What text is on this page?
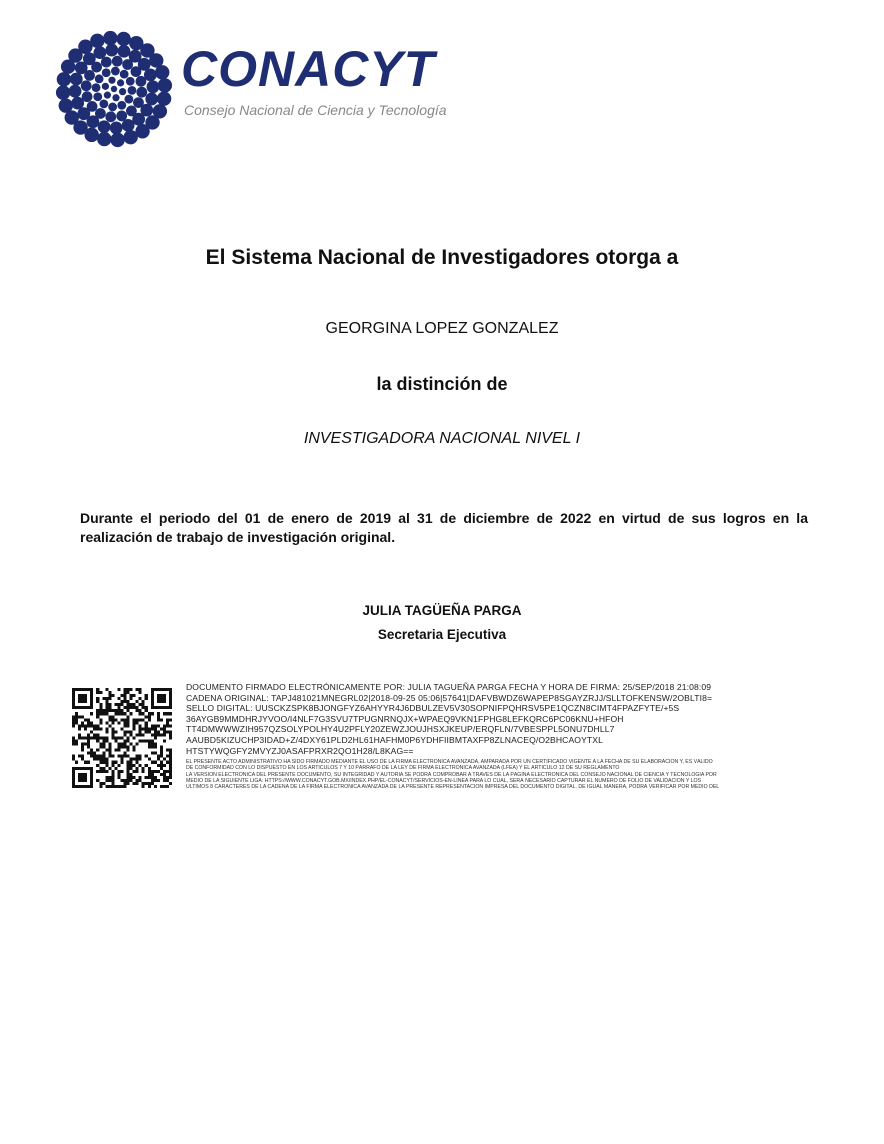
CONACYT
Consejo Nacional de Ciencia y Tecnología
El Sistema Nacional de Investigadores otorga a
GEORGINA LOPEZ GONZALEZ
la distinción de
INVESTIGADORA NACIONAL NIVEL I
Durante el periodo del 01 de enero de 2019 al 31 de diciembre de 2022 en virtud de sus logros en la realización de trabajo de investigación original.
JULIA TAGÜEÑA PARGA
Secretaria Ejecutiva
DOCUMENTO FIRMADO ELECTRÓNICAMENTE POR: JULIA TAGUEÑA PARGA FECHA Y HORA DE FIRMA: 25/SEP/2018 21:08:09
CADENA ORIGINAL: TAPJ481021MNEGRL02|2018-09-25 05:06|57641|DAFVBWDZ6WAPEP8SGAYZRJJ/SLLTOFKENSW/2OBLTI8=
SELLO DIGITAL: UUSCKZSPK8BJONGFYZ6AHYYR4J6DBULZEV5V30SOPNIFPQHRSV5PE1QCZN8CIMT4FPAZFYTE/+5S
36AYGB9MMDHRJYVOO/I4NLF7G3SVU7TPUGNRNQJX+WPAEQ9VKN1FPHG8LEFKQRC6PC06KNU+HFOH
TT4DMWWWZIH957QZSOLYPOLHY4U2PFLY20ZEWZJOUJHSXJKEUP/ERQFLN/7VBESPPL5ONU7DHLL7
AAUBD5KIZUCHP3IDAD+Z/4DXY61PLD2HL61HAFHM0P6YDHFIIBMTAXFP8ZLNACEQ/O2BHCAOYTXL
HTSTYWQGFY2MVYZJ0ASAFPRXR2QO1H28/L8KAG==
EL PRESENTE ACTO ADMINISTRATIVO HA SIDO FIRMADO MEDIANTE EL USO DE LA FIRMA ELECTRÓNICA AVANZADA, AMPARADA POR UN CERTIFICADO VIGENTE A LA FECHA DE SU ELABORACIÓN Y, ES VÁLIDO
DE CONFORMIDAD CON LO DISPUESTO EN LOS ARTÍCULOS 7 Y 10 PÁRRAFO DE LA LEY DE FIRMA ELECTRÓNICA AVANZADA (LFEA) Y EL ARTÍCULO 12 DE SU REGLAMENTO
LA VERSIÓN ELECTRÓNICA DEL PRESENTE DOCUMENTO, SU INTEGRIDAD Y AUTORÍA SE PODRÁ COMPROBAR A TRAVÉS DE LA PÁGINA ELECTRÓNICA DEL CONSEJO NACIONAL DE CIENCIA Y TECNOLOGÍA POR
MEDIO DE LA SIGUIENTE LIGA: HTTPS://WWW.CONACYT.GOB.MX/INDEX.PHP/EL-CONACYT/SERVICIOS-EN-LINEA PARA LO CUAL, SERÁ NECESARIO CAPTURAR EL NÚMERO DE FOLIO DE VALIDACIÓN Y LOS
ÚLTIMOS 8 CARACTERES DE LA CADENA DE LA FIRMA ELECTRÓNICA AVANZADA DE LA PRESENTE REPRESENTACIÓN IMPRESA DEL DOCUMENTO DIGITAL. DE IGUAL MANERA, PODRÁ VERIFICAR POR MEDIO DEL
